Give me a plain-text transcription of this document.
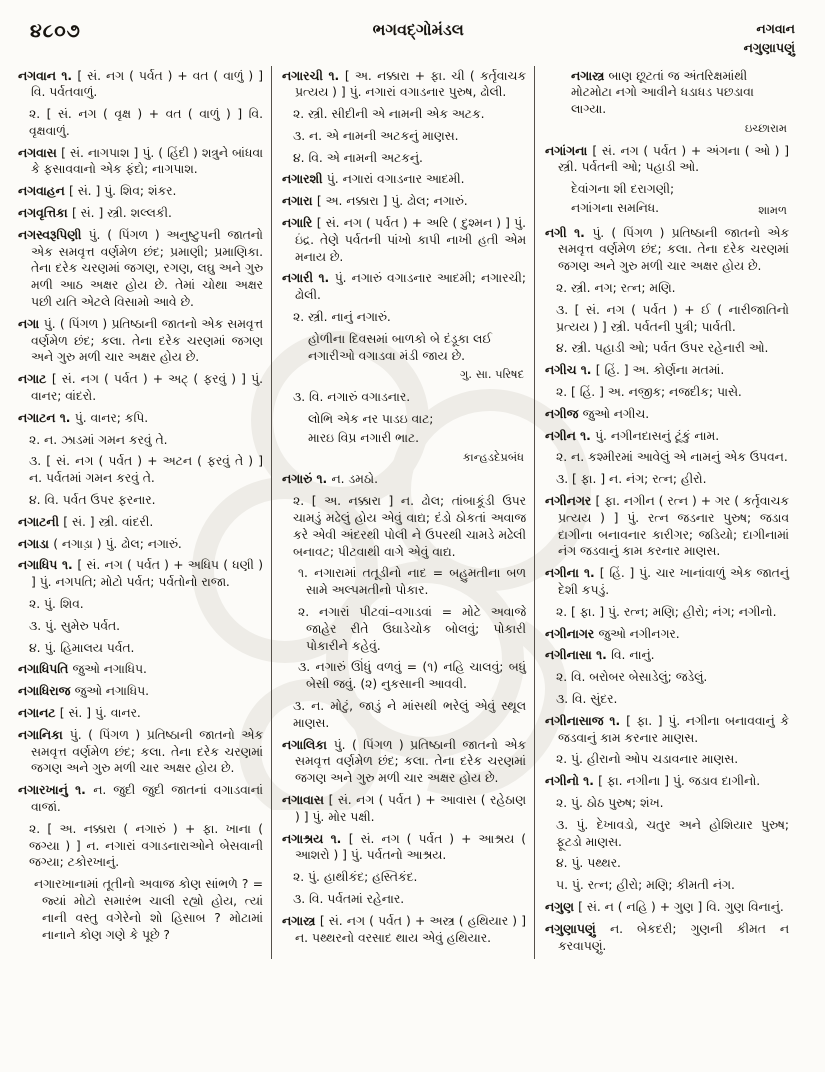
૪૮૦૭	ભગવદ્ગોમંડલ	નગવાન
નગુણાપણું

નગવાન ૧. [ સં. નગ ( પર્વત ) + વત ( વાળું ) ] વિ. પર્વતવાળું.

૨. [ સં. નગ ( વૃક્ષ ) + વત ( વાળું ) ] વિ. વૃક્ષવાળું.

નગવાસ [ સં. નાગપાશ ] પું. ( હિંદી ) શત્રુને બાંધવા કે ફસાવવાનો એક ફંદો; નાગપાશ.

નગવાહન [ સં. ] પું. શિવ; શંકર.

નગવૃત્તિકા [ સં. ] સ્ત્રી. શલ્લકી.

નગસ્વરૂપિણી પું. ( પિંગળ ) અનુષ્ટુપની જાતનો એક સમવૃત્ત વર્ણમેળ છંદ; પ્રમાણી; પ્રમાણિકા. તેના દરેક ચરણમાં જગણ, રગણ, લઘુ અને ગુરુ મળી આઠ અક્ષર હોય છે. તેમાં ચોથા અક્ષર પછી યતિ એટલે વિસામો આવે છે.

નગા પું. ( પિંગળ ) પ્રતિષ્ઠાની જાતનો એક સમવૃત્ત વર્ણમેળ છંદ; કલા. તેના દરેક ચરણમાં જગણ અને ગુરુ મળી ચાર અક્ષર હોય છે.

નગાટ [ સં. નગ ( પર્વત ) + અટ્ ( ફરવું ) ] પું. વાનર; વાંદરો.

નગાટન ૧. પું. વાનર; કપિ.

૨. ન. ઝાડમાં ગમન કરવું તે.

૩. [ સં. નગ ( પર્વત ) + અટન ( ફરવું તે ) ] ન. પર્વતમાં ગમન કરવું તે.

૪. વિ. પર્વત ઉપર ફરનાર.

નગાટની [ સં. ] સ્ત્રી. વાંદરી.

નગાડા ( નગાડ઼ા ) પું. ઢોલ; નગારું.

નગાધિપ ૧. [ સં. નગ ( પર્વત ) + અધિપ ( ધણી ) ] પું. નગપતિ; મોટો પર્વત; પર્વતોનો રાજા.

૨. પું. શિવ.

૩. પું. સુમેરુ પર્વત.

૪. પું. હિમાલય પર્વત.

નગાધિપતિ જુઓ નગાધિપ.

નગાધિરાજ જુઓ નગાધિપ.

નગાનટ [ સં. ] પું. વાનર.

નગાનિકા પું. ( પિંગળ ) પ્રતિષ્ઠાની જાતનો એક સમવૃત્ત વર્ણમેળ છંદ; કલા. તેના દરેક ચરણમાં જગણ અને ગુરુ મળી ચાર અક્ષર હોય છે.

નગારખાનું ૧. ન. જુદી જુદી જાતનાં વગાડવાનાં વાજાં.

૨. [ અ. નક્કારા ( નગારું ) + ફા. ખાના ( જગ્યા ) ] ન. નગારાં વગાડનારાઓને બેસવાની જગ્યા; ટકોરખાનું.

નગારખાનામાં તૂતીનો અવાજ કોણ સાંભળે ? = જ્યાં મોટો સમારંભ ચાલી રહ્યો હોય, ત્યાં નાની વસ્તુ વગેરેનો શો હિસાબ ? મોટામાં નાનાને કોણ ગણે કે પૂછે ?

નગારચી ૧. [ અ. નક્કારા + ફા. ચી ( કર્તૃવાચક પ્રત્યય ) ] પું. નગારાં વગાડનાર પુરુષ, ઢોલી.

૨. સ્ત્રી. સીદીની એ નામની એક અટક.

૩. ન. એ નામની અટકનું માણસ.

૪. વિ. એ નામની અટકનું.

નગારશી પું. નગારાં વગાડનાર આદમી.

નગારા [ અ. નક્કારા ] પું. ઢોલ; નગારું.

નગારિ [ સં. નગ ( પર્વત ) + અરિ ( દુશ્મન ) ] પું. ઇંદ્ર. તેણે પર્વતની પાંખો કાપી નાખી હતી એમ મનાય છે.

નગારી ૧. પું. નગારું વગાડનાર આદમી; નગારચી; ઢોલી.

૨. સ્ત્રી. નાનું નગારું.

હોળીના દિવસમાં બાળકો બે દંડૂકા લઈ નગારીઓ વગાડવા મંડી જાય છે.

ગુ. સા. પરિષદ

૩. વિ. નગારું વગાડનાર.

લોભિ એક નર પાડઇ વાટ;

મારઇ વિપ્ર નગારી ભાટ.

કાન્હડદેપ્રબંધ

નગારું ૧. ન. ડમઠો.

૨. [ અ. નક્કારા ] ન. ઢોલ; તાંબાકૂંડી ઉપર ચામડું મઢેલું હોય એવું વાદ્ય; દંડો ઠોકતાં અવાજ કરે એવી અંદરથી પોલી ને ઉપરથી ચામડે મઢેલી બનાવટ; પીટવાથી વાગે એવું વાદ્ય.

૧. નગારામાં તતૂડીનો નાદ = બહુમતીના બળ સામે અલ્પમતીનો પોકાર.

૨. નગારાં પીટવાં–વગાડવાં = મોટે અવાજે જાહેર રીતે ઉઘાડેચોક બોલવું; પોકારી પોકારીને કહેવું.

૩. નગારું ઊંધું વળવું = (૧) નહિ ચાલવું; બધું બેસી જવું. (૨) નુકસાની આવવી.

૩. ન. મોટું, જાડું ને માંસથી ભરેલું એવું સ્થૂલ માણસ.

નગાલિકા પું. ( પિંગળ ) પ્રતિષ્ઠાની જાતનો એક સમવૃત્ત વર્ણમેળ છંદ; કલા. તેના દરેક ચરણમાં જગણ અને ગુરુ મળી ચાર અક્ષર હોય છે.

નગાવાસ [ સં. નગ ( પર્વત ) + આવાસ ( રહેઠાણ ) ] પું. મોર પક્ષી.

નગાશ્રય ૧. [ સં. નગ ( પર્વત ) + આશ્રય ( આશરો ) ] પું. પર્વતનો આશ્રય.

૨. પું. હાથીકંદ; હસ્તિકંદ.

૩. વિ. પર્વતમાં રહેનાર.

નગાસ્ત્ર [ સં. નગ ( પર્વત ) + અસ્ત્ર ( હથિયાર ) ] ન. પથ્થરનો વરસાદ થાય એવું હથિયાર.

નગાસ્ત્ર બાણ છૂટતાં જ અંતરિક્ષમાંથી મોટમોટા નગો આવીને ધડાધડ પછડાવા લાગ્યા.

ઇચ્છારામ

નગાંગના [ સં. નગ ( પર્વત ) + અંગના ( ઓ ) ] સ્ત્રી. પર્વતની ઓ; પહાડી ઓ.

દેવાંગના શી દરાગણી;

નગાંગના સમનિધ.	શામળ

નગી ૧. પું. ( પિંગળ ) પ્રતિષ્ઠાની જાતનો એક સમવૃત્ત વર્ણમેળ છંદ; કલા. તેના દરેક ચરણમાં જગણ અને ગુરુ મળી ચાર અક્ષર હોય છે.

૨. સ્ત્રી. નગ; રત્ન; મણિ.

૩. [ સં. નગ ( પર્વત ) + ઈ ( નારીજાતિનો પ્રત્યય ) ] સ્ત્રી. પર્વતની પુત્રી; પાર્વતી.

૪. સ્ત્રી. પહાડી ઓ; પર્વત ઉપર રહેનારી ઓ.

નગીચ ૧. [ હિં. ] અ. કોર્ણના મતમાં.

૨. [ હિં. ] અ. નજીક; નજદીક; પાસે.

નગીજ જુઓ નગીચ.

નગીન ૧. પું. નગીનદાસનું ટૂંકું નામ.

૨. ન. કશ્મીરમાં આવેલું એ નામનું એક ઉપવન.

૩. [ ફા. ] ન. નંગ; રત્ન; હીરો.

નગીનગર [ ફા. નગીન ( રત્ન ) + ગર ( કર્તૃવાચક પ્રત્યય ) ] પું. રત્ન જડનાર પુરુષ; જડાવ દાગીના બનાવનાર કારીગર; જડિયો; દાગીનામાં નંગ જડવાનું કામ કરનાર માણસ.

નગીના ૧. [ હિં. ] પું. ચાર ખાનાંવાળું એક જાતનું દેશી કપડું.

૨. [ ફા. ] પું. રત્ન; મણિ; હીરો; નંગ; નગીનો.

નગીનાગર જુઓ નગીનગર.

નગીનાસા ૧. વિ. નાનું.

૨. વિ. બરોબર બેસાડેલું; જડેલું.

૩. વિ. સુંદર.

નગીનાસાજ ૧. [ ફા. ] પું. નગીના બનાવવાનું કે જડવાનું કામ કરનાર માણસ.

૨. પું. હીરાનો ઓપ ચડાવનાર માણસ.

નગીનો ૧. [ ફા. નગીના ] પું. જડાવ દાગીનો.

૨. પું. ઠોઠ પુરુષ; શંખ.

૩. પું. દેખાવડો, ચતુર અને હોશિયાર પુરુષ; ફૂટડો માણસ.

૪. પું. પથ્થર.

૫. પું. રત્ન; હીરો; મણિ; કીમતી નંગ.

નગુણ [ સં. ન ( નહિ ) + ગુણ ] વિ. ગુણ વિનાનું.

નગુણાપણું ન. બેકદરી; ગુણની કીમત ન કરવાપણું.
